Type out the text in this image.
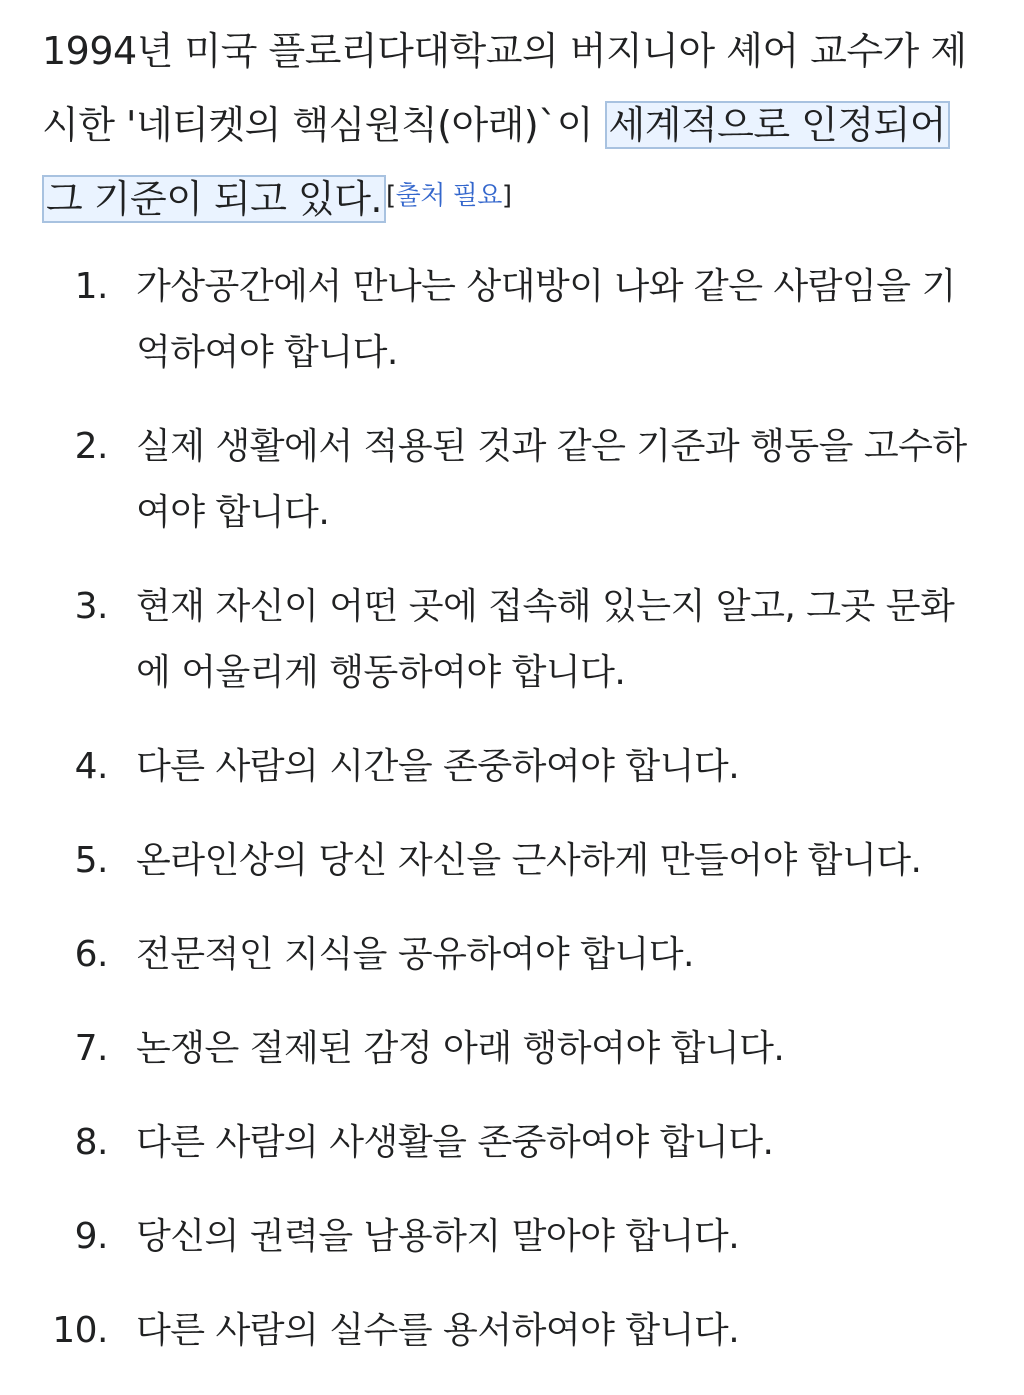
1994년 미국 플로리다대학교의 버지니아 셰어 교수가 제시한 '네티켓의 핵심원칙(아래)`이 세계적으로 인정되어 그 기준이 되고 있다. [출처 필요]

1. 가상공간에서 만나는 상대방이 나와 같은 사람임을 기억하여야 합니다.
2. 실제 생활에서 적용된 것과 같은 기준과 행동을 고수하여야 합니다.
3. 현재 자신이 어떤 곳에 접속해 있는지 알고, 그곳 문화에 어울리게 행동하여야 합니다.
4. 다른 사람의 시간을 존중하여야 합니다.
5. 온라인상의 당신 자신을 근사하게 만들어야 합니다.
6. 전문적인 지식을 공유하여야 합니다.
7. 논쟁은 절제된 감정 아래 행하여야 합니다.
8. 다른 사람의 사생활을 존중하여야 합니다.
9. 당신의 권력을 남용하지 말아야 합니다.
10. 다른 사람의 실수를 용서하여야 합니다.
